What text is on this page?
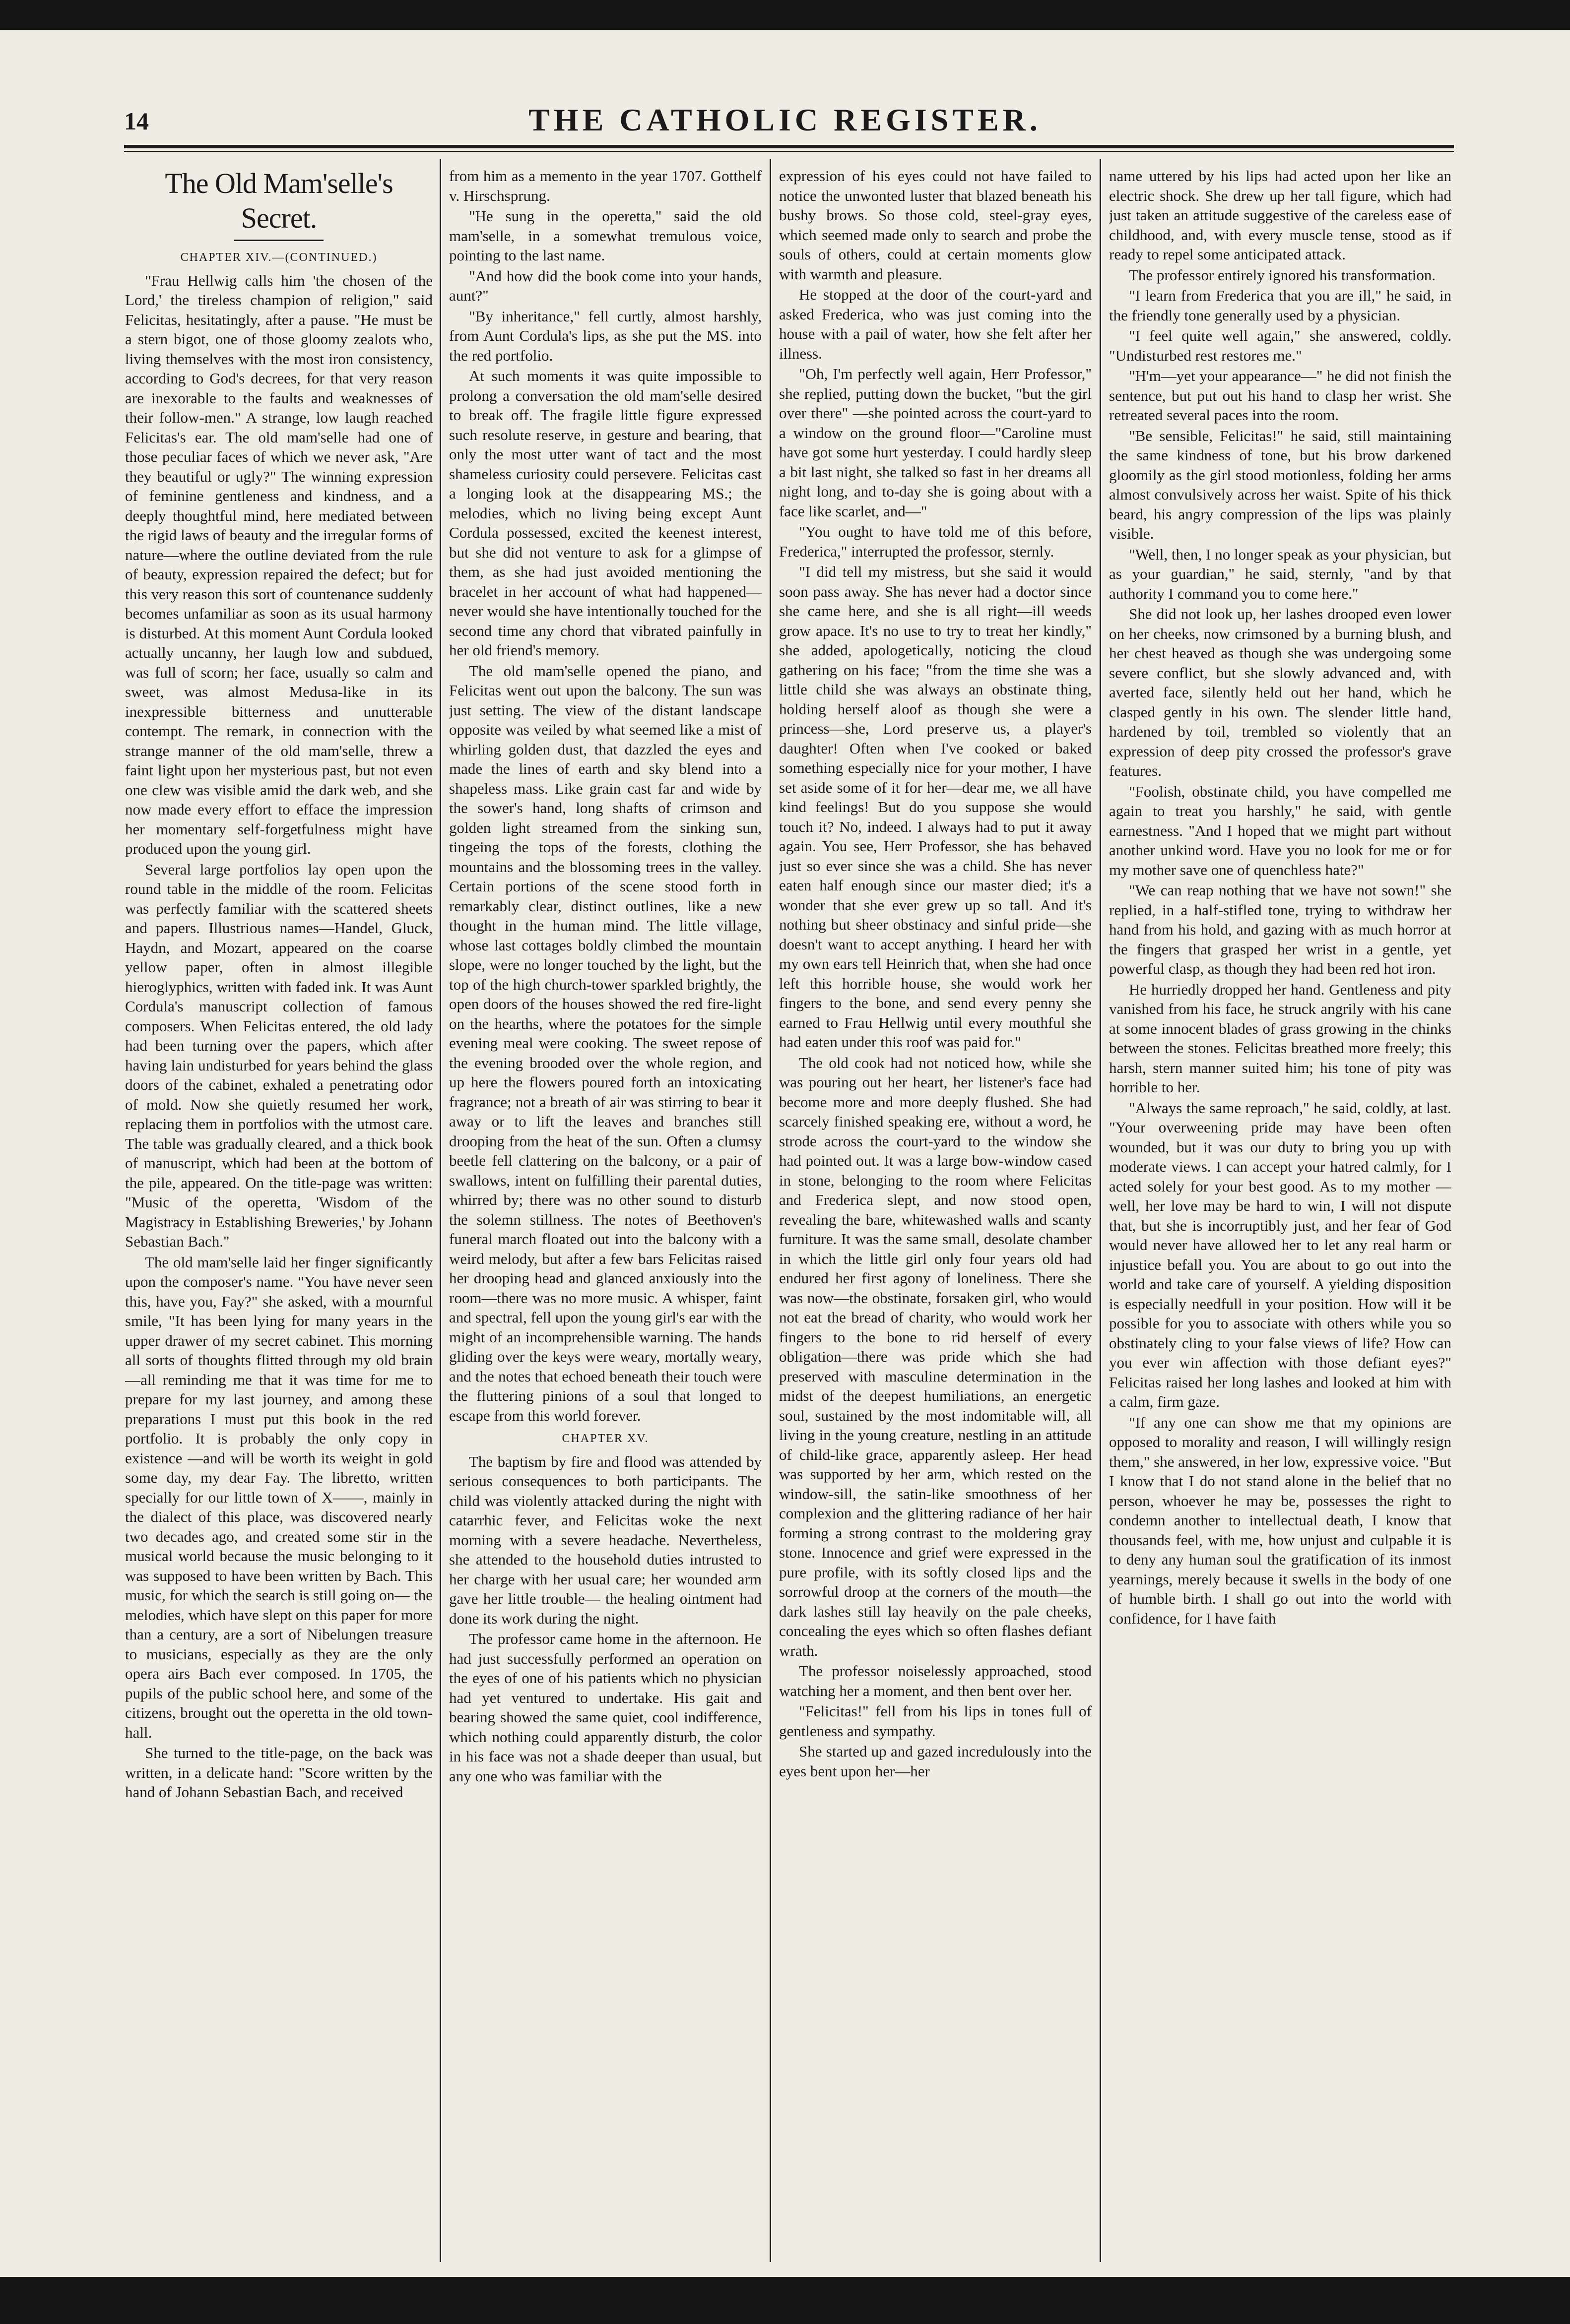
14	THE CATHOLIC REGISTER.
The Old Mam'selle's Secret.
CHAPTER XIV.—(CONTINUED.)

"Frau Hellwig calls him 'the chosen of the Lord,' the tireless champion of religion," said Felicitas, hesitatingly, after a pause. "He must be a stern bigot, one of those gloomy zealots who, living themselves with the most iron consistency, according to God's decrees, for that very reason are inexorable to the faults and weaknesses of their follow-men." A strange, low laugh reached Felicitas's ear. The old mam'selle had one of those peculiar faces of which we never ask, "Are they beautiful or ugly?" The winning expression of feminine gentleness and kindness, and a deeply thoughtful mind, here mediated between the rigid laws of beauty and the irregular forms of nature—where the outline deviated from the rule of beauty, expression repaired the defect; but for this very reason this sort of countenance suddenly becomes unfamiliar as soon as its usual harmony is disturbed. At this moment Aunt Cordula looked actually uncanny, her laugh low and subdued, was full of scorn; her face, usually so calm and sweet, was almost Medusa-like in its inexpressible bitterness and unutterable contempt. The remark, in connection with the strange manner of the old mam'selle, threw a faint light upon her mysterious past, but not even one clew was visible amid the dark web, and she now made every effort to efface the impression her momentary self-forgetfulness might have produced upon the young girl.

Several large portfolios lay open upon the round table in the middle of the room. Felicitas was perfectly familiar with the scattered sheets and papers. Illustrious names—Handel, Gluck, Haydn, and Mozart, appeared on the coarse yellow paper, often in almost illegible hieroglyphics, written with faded ink. It was Aunt Cordula's manuscript collection of famous composers. When Felicitas entered, the old lady had been turning over the papers, which after having lain undisturbed for years behind the glass doors of the cabinet, exhaled a penetrating odor of mold. Now she quietly resumed her work, replacing them in portfolios with the utmost care. The table was gradually cleared, and a thick book of manuscript, which had been at the bottom of the pile, appeared. On the title-page was written: "Music of the operetta, 'Wisdom of the Magistracy in Establishing Breweries,' by Johann Sebastian Bach."

The old mam'selle laid her finger significantly upon the composer's name. "You have never seen this, have you, Fay?" she asked, with a mournful smile, "It has been lying for many years in the upper drawer of my secret cabinet. This morning all sorts of thoughts flitted through my old brain —all reminding me that it was time for me to prepare for my last journey, and among these preparations I must put this book in the red portfolio. It is probably the only copy in existence —and will be worth its weight in gold some day, my dear Fay. The libretto, written specially for our little town of X——, mainly in the dialect of this place, was discovered nearly two decades ago, and created some stir in the musical world because the music belonging to it was supposed to have been written by Bach. This music, for which the search is still going on— the melodies, which have slept on this paper for more than a century, are a sort of Nibelungen treasure to musicians, especially as they are the only opera airs Bach ever composed. In 1705, the pupils of the public school here, and some of the citizens, brought out the operetta in the old town-hall.

She turned to the title-page, on the back was written, in a delicate hand: "Score written by the hand of Johann Sebastian Bach, and received

from him as a memento in the year 1707. Gotthelf v. Hirschsprung.

"He sung in the operetta," said the old mam'selle, in a somewhat tremulous voice, pointing to the last name.

"And how did the book come into your hands, aunt?"

"By inheritance," fell curtly, almost harshly, from Aunt Cordula's lips, as she put the MS. into the red portfolio.

At such moments it was quite impossible to prolong a conversation the old mam'selle desired to break off. The fragile little figure expressed such resolute reserve, in gesture and bearing, that only the most utter want of tact and the most shameless curiosity could persevere. Felicitas cast a longing look at the disappearing MS.; the melodies, which no living being except Aunt Cordula possessed, excited the keenest interest, but she did not venture to ask for a glimpse of them, as she had just avoided mentioning the bracelet in her account of what had happened—never would she have intentionally touched for the second time any chord that vibrated painfully in her old friend's memory.

The old mam'selle opened the piano, and Felicitas went out upon the balcony. The sun was just setting. The view of the distant landscape opposite was veiled by what seemed like a mist of whirling golden dust, that dazzled the eyes and made the lines of earth and sky blend into a shapeless mass. Like grain cast far and wide by the sower's hand, long shafts of crimson and golden light streamed from the sinking sun, tingeing the tops of the forests, clothing the mountains and the blossoming trees in the valley. Certain portions of the scene stood forth in remarkably clear, distinct outlines, like a new thought in the human mind. The little village, whose last cottages boldly climbed the mountain slope, were no longer touched by the light, but the top of the high church-tower sparkled brightly, the open doors of the houses showed the red fire-light on the hearths, where the potatoes for the simple evening meal were cooking. The sweet repose of the evening brooded over the whole region, and up here the flowers poured forth an intoxicating fragrance; not a breath of air was stirring to bear it away or to lift the leaves and branches still drooping from the heat of the sun. Often a clumsy beetle fell clattering on the balcony, or a pair of swallows, intent on fulfilling their parental duties, whirred by; there was no other sound to disturb the solemn stillness. The notes of Beethoven's funeral march floated out into the balcony with a weird melody, but after a few bars Felicitas raised her drooping head and glanced anxiously into the room—there was no more music. A whisper, faint and spectral, fell upon the young girl's ear with the might of an incomprehensible warning. The hands gliding over the keys were weary, mortally weary, and the notes that echoed beneath their touch were the fluttering pinions of a soul that longed to escape from this world forever.

CHAPTER XV.

The baptism by fire and flood was attended by serious consequences to both participants. The child was violently attacked during the night with catarrhic fever, and Felicitas woke the next morning with a severe headache. Nevertheless, she attended to the household duties intrusted to her charge with her usual care; her wounded arm gave her little trouble— the healing ointment had done its work during the night.

The professor came home in the afternoon. He had just successfully performed an operation on the eyes of one of his patients which no physician had yet ventured to undertake. His gait and bearing showed the same quiet, cool indifference, which nothing could apparently disturb, the color in his face was not a shade deeper than usual, but any one who was familiar with the

expression of his eyes could not have failed to notice the unwonted luster that blazed beneath his bushy brows. So those cold, steel-gray eyes, which seemed made only to search and probe the souls of others, could at certain moments glow with warmth and pleasure.

He stopped at the door of the court-yard and asked Frederica, who was just coming into the house with a pail of water, how she felt after her illness.

"Oh, I'm perfectly well again, Herr Professor," she replied, putting down the bucket, "but the girl over there" —she pointed across the court-yard to a window on the ground floor—"Caroline must have got some hurt yesterday. I could hardly sleep a bit last night, she talked so fast in her dreams all night long, and to-day she is going about with a face like scarlet, and—"

"You ought to have told me of this before, Frederica," interrupted the professor, sternly.

"I did tell my mistress, but she said it would soon pass away. She has never had a doctor since she came here, and she is all right—ill weeds grow apace. It's no use to try to treat her kindly," she added, apologetically, noticing the cloud gathering on his face; "from the time she was a little child she was always an obstinate thing, holding herself aloof as though she were a princess—she, Lord preserve us, a player's daughter! Often when I've cooked or baked something especially nice for your mother, I have set aside some of it for her—dear me, we all have kind feelings! But do you suppose she would touch it? No, indeed. I always had to put it away again. You see, Herr Professor, she has behaved just so ever since she was a child. She has never eaten half enough since our master died; it's a wonder that she ever grew up so tall. And it's nothing but sheer obstinacy and sinful pride—she doesn't want to accept anything. I heard her with my own ears tell Heinrich that, when she had once left this horrible house, she would work her fingers to the bone, and send every penny she earned to Frau Hellwig until every mouthful she had eaten under this roof was paid for."

The old cook had not noticed how, while she was pouring out her heart, her listener's face had become more and more deeply flushed. She had scarcely finished speaking ere, without a word, he strode across the court-yard to the window she had pointed out. It was a large bow-window cased in stone, belonging to the room where Felicitas and Frederica slept, and now stood open, revealing the bare, whitewashed walls and scanty furniture. It was the same small, desolate chamber in which the little girl only four years old had endured her first agony of loneliness. There she was now—the obstinate, forsaken girl, who would not eat the bread of charity, who would work her fingers to the bone to rid herself of every obligation—there was pride which she had preserved with masculine determination in the midst of the deepest humiliations, an energetic soul, sustained by the most indomitable will, all living in the young creature, nestling in an attitude of child-like grace, apparently asleep. Her head was supported by her arm, which rested on the window-sill, the satin-like smoothness of her complexion and the glittering radiance of her hair forming a strong contrast to the moldering gray stone. Innocence and grief were expressed in the pure profile, with its softly closed lips and the sorrowful droop at the corners of the mouth—the dark lashes still lay heavily on the pale cheeks, concealing the eyes which so often flashes defiant wrath.

The professor noiselessly approached, stood watching her a moment, and then bent over her.

"Felicitas!" fell from his lips in tones full of gentleness and sympathy.

She started up and gazed incredulously into the eyes bent upon her—her

name uttered by his lips had acted upon her like an electric shock. She drew up her tall figure, which had just taken an attitude suggestive of the careless ease of childhood, and, with every muscle tense, stood as if ready to repel some anticipated attack.

The professor entirely ignored his transformation.

"I learn from Frederica that you are ill," he said, in the friendly tone generally used by a physician.

"I feel quite well again," she answered, coldly. "Undisturbed rest restores me."

"H'm—yet your appearance—" he did not finish the sentence, but put out his hand to clasp her wrist. She retreated several paces into the room.

"Be sensible, Felicitas!" he said, still maintaining the same kindness of tone, but his brow darkened gloomily as the girl stood motionless, folding her arms almost convulsively across her waist. Spite of his thick beard, his angry compression of the lips was plainly visible.

"Well, then, I no longer speak as your physician, but as your guardian," he said, sternly, "and by that authority I command you to come here."

She did not look up, her lashes drooped even lower on her cheeks, now crimsoned by a burning blush, and her chest heaved as though she was undergoing some severe conflict, but she slowly advanced and, with averted face, silently held out her hand, which he clasped gently in his own. The slender little hand, hardened by toil, trembled so violently that an expression of deep pity crossed the professor's grave features.

"Foolish, obstinate child, you have compelled me again to treat you harshly," he said, with gentle earnestness. "And I hoped that we might part without another unkind word. Have you no look for me or for my mother save one of quenchless hate?"

"We can reap nothing that we have not sown!" she replied, in a half-stifled tone, trying to withdraw her hand from his hold, and gazing with as much horror at the fingers that grasped her wrist in a gentle, yet powerful clasp, as though they had been red hot iron.

He hurriedly dropped her hand. Gentleness and pity vanished from his face, he struck angrily with his cane at some innocent blades of grass growing in the chinks between the stones. Felicitas breathed more freely; this harsh, stern manner suited him; his tone of pity was horrible to her.

"Always the same reproach," he said, coldly, at last. "Your overweening pride may have been often wounded, but it was our duty to bring you up with moderate views. I can accept your hatred calmly, for I acted solely for your best good. As to my mother —well, her love may be hard to win, I will not dispute that, but she is incorruptibly just, and her fear of God would never have allowed her to let any real harm or injustice befall you. You are about to go out into the world and take care of yourself. A yielding disposition is especially needfull in your position. How will it be possible for you to associate with others while you so obstinately cling to your false views of life? How can you ever win affection with those defiant eyes?" Felicitas raised her long lashes and looked at him with a calm, firm gaze.

"If any one can show me that my opinions are opposed to morality and reason, I will willingly resign them," she answered, in her low, expressive voice. "But I know that I do not stand alone in the belief that no person, whoever he may be, possesses the right to condemn another to intellectual death, I know that thousands feel, with me, how unjust and culpable it is to deny any human soul the gratification of its inmost yearnings, merely because it swells in the body of one of humble birth. I shall go out into the world with confidence, for I have faith
